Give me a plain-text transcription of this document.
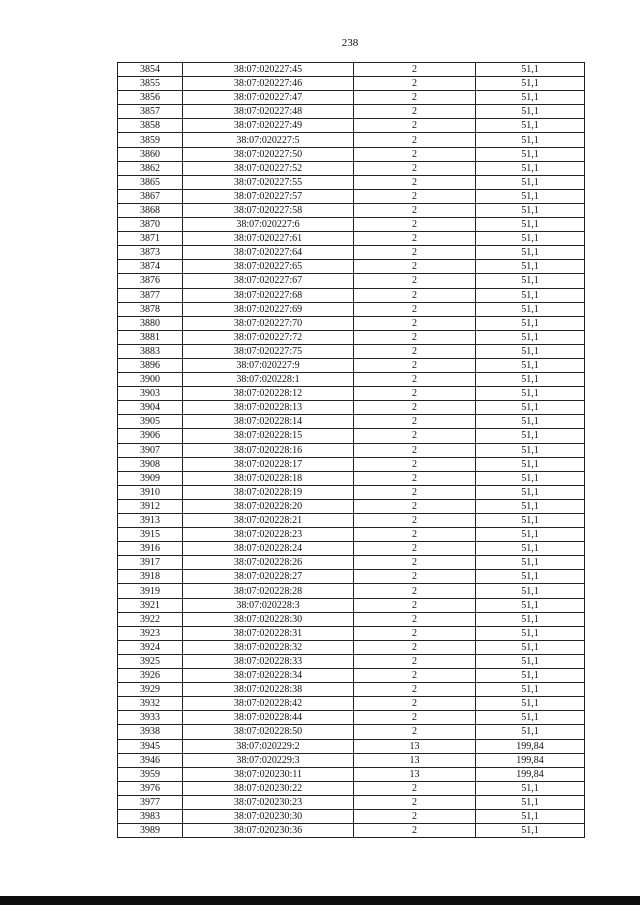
238
3854	38:07:020227:45	2	51,1
3855	38:07:020227:46	2	51,1
3856	38:07:020227:47	2	51,1
3857	38:07:020227:48	2	51,1
3858	38:07:020227:49	2	51,1
3859	38:07:020227:5	2	51,1
3860	38:07:020227:50	2	51,1
3862	38:07:020227:52	2	51,1
3865	38:07:020227:55	2	51,1
3867	38:07:020227:57	2	51,1
3868	38:07:020227:58	2	51,1
3870	38:07:020227:6	2	51,1
3871	38:07:020227:61	2	51,1
3873	38:07:020227:64	2	51,1
3874	38:07:020227:65	2	51,1
3876	38:07:020227:67	2	51,1
3877	38:07:020227:68	2	51,1
3878	38:07:020227:69	2	51,1
3880	38:07:020227:70	2	51,1
3881	38:07:020227:72	2	51,1
3883	38:07:020227:75	2	51,1
3896	38:07:020227:9	2	51,1
3900	38:07:020228:1	2	51,1
3903	38:07:020228:12	2	51,1
3904	38:07:020228:13	2	51,1
3905	38:07:020228:14	2	51,1
3906	38:07:020228:15	2	51,1
3907	38:07:020228:16	2	51,1
3908	38:07:020228:17	2	51,1
3909	38:07:020228:18	2	51,1
3910	38:07:020228:19	2	51,1
3912	38:07:020228:20	2	51,1
3913	38:07:020228:21	2	51,1
3915	38:07:020228:23	2	51,1
3916	38:07:020228:24	2	51,1
3917	38:07:020228:26	2	51,1
3918	38:07:020228:27	2	51,1
3919	38:07:020228:28	2	51,1
3921	38:07:020228:3	2	51,1
3922	38:07:020228:30	2	51,1
3923	38:07:020228:31	2	51,1
3924	38:07:020228:32	2	51,1
3925	38:07:020228:33	2	51,1
3926	38:07:020228:34	2	51,1
3929	38:07:020228:38	2	51,1
3932	38:07:020228:42	2	51,1
3933	38:07:020228:44	2	51,1
3938	38:07:020228:50	2	51,1
3945	38:07:020229:2	13	199,84
3946	38:07:020229:3	13	199,84
3959	38:07:020230:11	13	199,84
3976	38:07:020230:22	2	51,1
3977	38:07:020230:23	2	51,1
3983	38:07:020230:30	2	51,1
3989	38:07:020230:36	2	51,1
